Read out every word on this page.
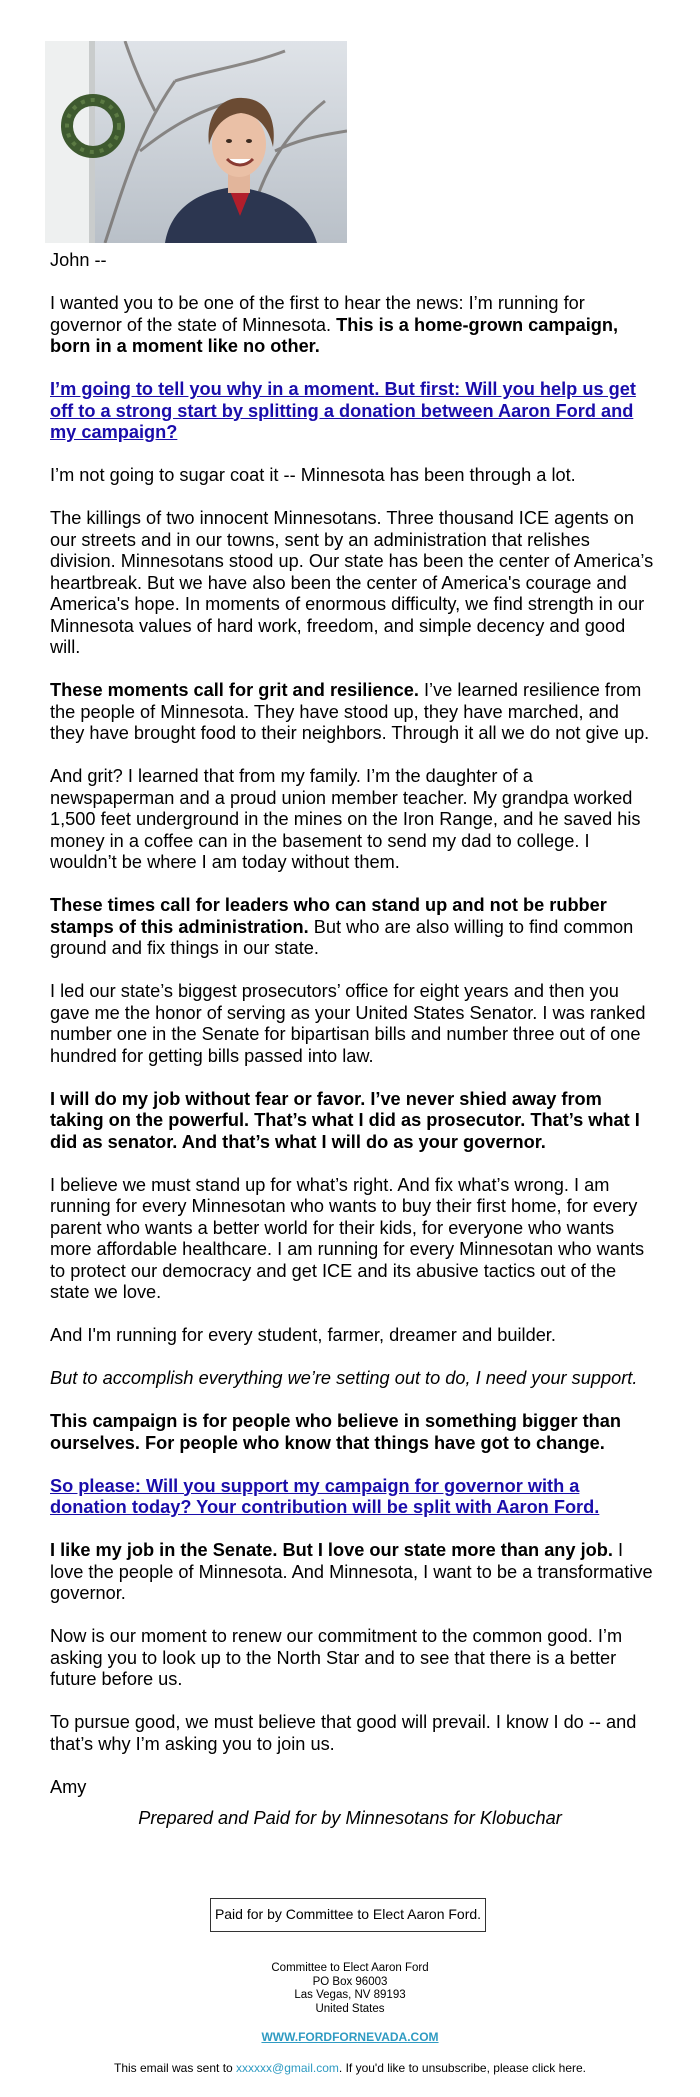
John --

I wanted you to be one of the first to hear the news: I’m running for governor of the state of Minnesota. This is a home-grown campaign, born in a moment like no other.

I’m going to tell you why in a moment. But first: Will you help us get off to a strong start by splitting a donation between Aaron Ford and my campaign?

I’m not going to sugar coat it -- Minnesota has been through a lot.

The killings of two innocent Minnesotans. Three thousand ICE agents on our streets and in our towns, sent by an administration that relishes division. Minnesotans stood up. Our state has been the center of America’s heartbreak. But we have also been the center of America's courage and America's hope. In moments of enormous difficulty, we find strength in our Minnesota values of hard work, freedom, and simple decency and good will.

These moments call for grit and resilience. I’ve learned resilience from the people of Minnesota. They have stood up, they have marched, and they have brought food to their neighbors. Through it all we do not give up.

And grit? I learned that from my family. I’m the daughter of a newspaperman and a proud union member teacher. My grandpa worked 1,500 feet underground in the mines on the Iron Range, and he saved his money in a coffee can in the basement to send my dad to college. I wouldn’t be where I am today without them.

These times call for leaders who can stand up and not be rubber stamps of this administration. But who are also willing to find common ground and fix things in our state.

I led our state’s biggest prosecutors’ office for eight years and then you gave me the honor of serving as your United States Senator. I was ranked number one in the Senate for bipartisan bills and number three out of one hundred for getting bills passed into law.

I will do my job without fear or favor. I’ve never shied away from taking on the powerful. That’s what I did as prosecutor. That’s what I did as senator. And that’s what I will do as your governor.

I believe we must stand up for what’s right. And fix what’s wrong. I am running for every Minnesotan who wants to buy their first home, for every parent who wants a better world for their kids, for everyone who wants more affordable healthcare. I am running for every Minnesotan who wants to protect our democracy and get ICE and its abusive tactics out of the state we love.

And I'm running for every student, farmer, dreamer and builder.

But to accomplish everything we’re setting out to do, I need your support.

This campaign is for people who believe in something bigger than ourselves. For people who know that things have got to change.

So please: Will you support my campaign for governor with a donation today? Your contribution will be split with Aaron Ford.

I like my job in the Senate. But I love our state more than any job. I love the people of Minnesota. And Minnesota, I want to be a transformative governor.

Now is our moment to renew our commitment to the common good. I’m asking you to look up to the North Star and to see that there is a better future before us.

To pursue good, we must believe that good will prevail. I know I do -- and that’s why I’m asking you to join us.

Amy

Prepared and Paid for by Minnesotans for Klobuchar
Paid for by Committee to Elect Aaron Ford.
Committee to Elect Aaron Ford
PO Box 96003
Las Vegas, NV 89193
United States
WWW.FORDFORNEVADA.COM
This email was sent to xxxxxx@gmail.com. If you'd like to unsubscribe, please click here.
